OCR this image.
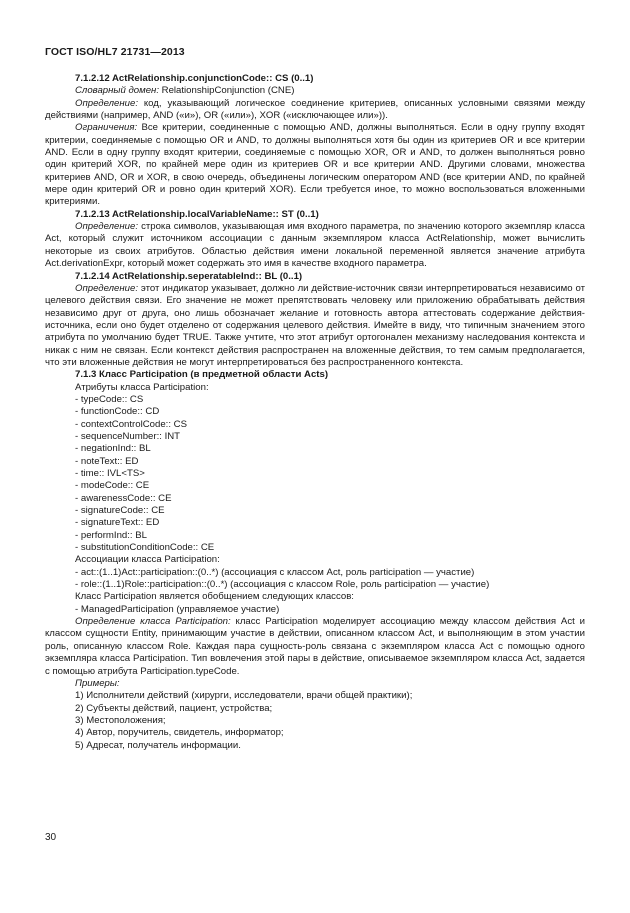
ГОСТ ISO/HL7 21731—2013

7.1.2.12 ActRelationship.conjunctionCode:: CS (0..1)

Словарный домен: RelationshipConjunction (CNE)

Определение: код, указывающий логическое соединение критериев, описанных условными связями между действиями (например, AND («и»), OR («или»), XOR («исключающее или»)).

Ограничения: Все критерии, соединенные с помощью AND, должны выполняться. Если в одну группу входят критерии, соединяемые с помощью OR и AND, то должны выполняться хотя бы один из критериев OR и все критерии AND. Если в одну группу входят критерии, соединяемые с помощью XOR, OR и AND, то должен выполняться ровно один критерий XOR, по крайней мере один из критериев OR и все критерии AND. Другими словами, множества критериев AND, OR и XOR, в свою очередь, объединены логическим оператором AND (все критерии AND, по крайней мере один критерий OR и ровно один критерий XOR). Если требуется иное, то можно воспользоваться вложенными критериями.

7.1.2.13 ActRelationship.localVariableName:: ST (0..1)

Определение: строка символов, указывающая имя входного параметра, по значению которого экземпляр класса Act, который служит источником ассоциации с данным экземпляром класса ActRelationship, может вычислить некоторые из своих атрибутов. Областью действия имени локальной переменной является значение атрибута Act.derivationExpr, который может содержать это имя в качестве входного параметра.

7.1.2.14 ActRelationship.seperatableInd:: BL (0..1)

Определение: этот индикатор указывает, должно ли действие-источник связи интерпретироваться независимо от целевого действия связи. Его значение не может препятствовать человеку или приложению обрабатывать действия независимо друг от друга, оно лишь обозначает желание и готовность автора аттестовать содержание действия-источника, если оно будет отделено от содержания целевого действия. Имейте в виду, что типичным значением этого атрибута по умолчанию будет TRUE. Также учтите, что этот атрибут ортогонален механизму наследования контекста и никак с ним не связан. Если контекст действия распространен на вложенные действия, то тем самым предполагается, что эти вложенные действия не могут интерпретироваться без распространенного контекста.

7.1.3 Класс Participation (в предметной области Acts)

Атрибуты класса Participation:

- typeCode:: CS

- functionCode:: CD

- contextControlCode:: CS

- sequenceNumber:: INT

- negationInd:: BL

- noteText:: ED

- time:: IVL<TS>

- modeCode:: CE

- awarenessCode:: CE

- signatureCode:: CE

- signatureText:: ED

- performInd:: BL

- substitutionConditionCode:: CE

Ассоциации класса Participation:

- act::(1..1)Act::participation::(0..*) (ассоциация с классом Act, роль participation — участие)

- role::(1..1)Role::participation::(0..*) (ассоциация с классом Role, роль participation — участие)

Класс Participation является обобщением следующих классов:

- ManagedParticipation (управляемое участие)

Определение класса Participation: класс Participation моделирует ассоциацию между классом действия Act и классом сущности Entity, принимающим участие в действии, описанном классом Act, и выполняющим в этом участии роль, описанную классом Role. Каждая пара сущность-роль связана с экземпляром класса Act с помощью одного экземпляра класса Participation. Тип вовлечения этой пары в действие, описываемое экземпляром класса Act, задается с помощью атрибута Participation.typeCode.

Примеры:

1) Исполнители действий (хирурги, исследователи, врачи общей практики);

2) Субъекты действий, пациент, устройства;

3) Местоположения;

4) Автор, поручитель, свидетель, информатор;

5) Адресат, получатель информации.

30
